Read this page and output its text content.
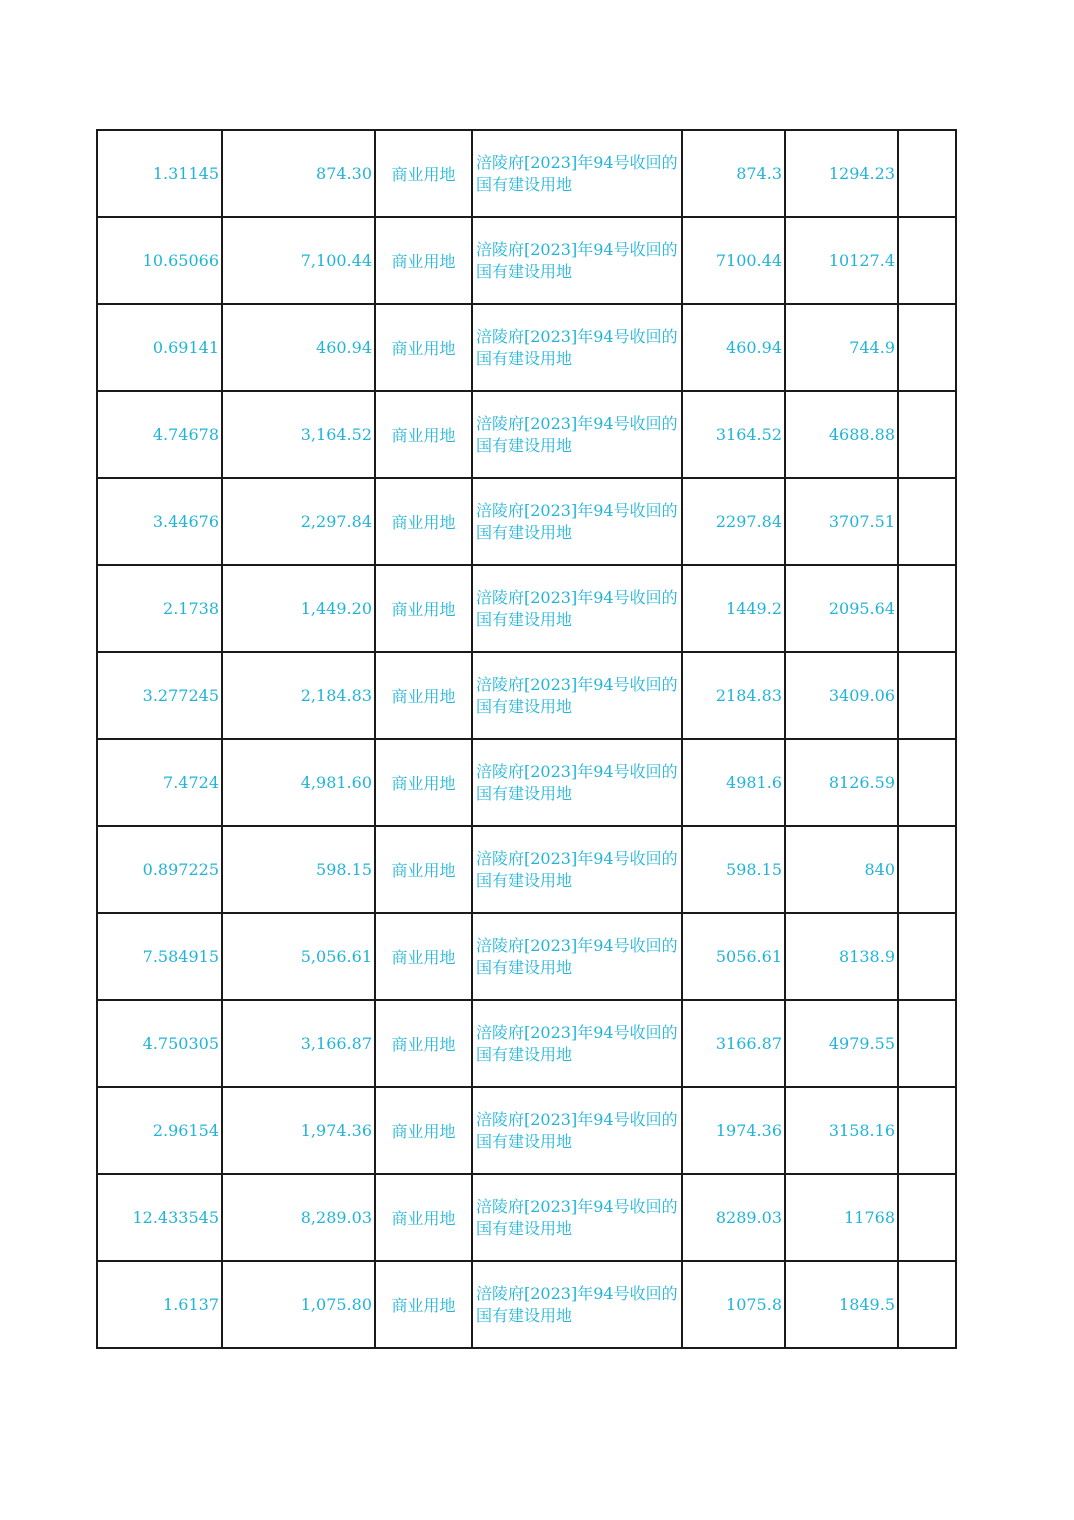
1.31145	874.30	商业用地	涪陵府[2023]年94号收回的国有建设用地	874.3	1294.23	
10.65066	7,100.44	商业用地	涪陵府[2023]年94号收回的国有建设用地	7100.44	10127.4	
0.69141	460.94	商业用地	涪陵府[2023]年94号收回的国有建设用地	460.94	744.9	
4.74678	3,164.52	商业用地	涪陵府[2023]年94号收回的国有建设用地	3164.52	4688.88	
3.44676	2,297.84	商业用地	涪陵府[2023]年94号收回的国有建设用地	2297.84	3707.51	
2.1738	1,449.20	商业用地	涪陵府[2023]年94号收回的国有建设用地	1449.2	2095.64	
3.277245	2,184.83	商业用地	涪陵府[2023]年94号收回的国有建设用地	2184.83	3409.06	
7.4724	4,981.60	商业用地	涪陵府[2023]年94号收回的国有建设用地	4981.6	8126.59	
0.897225	598.15	商业用地	涪陵府[2023]年94号收回的国有建设用地	598.15	840	
7.584915	5,056.61	商业用地	涪陵府[2023]年94号收回的国有建设用地	5056.61	8138.9	
4.750305	3,166.87	商业用地	涪陵府[2023]年94号收回的国有建设用地	3166.87	4979.55	
2.96154	1,974.36	商业用地	涪陵府[2023]年94号收回的国有建设用地	1974.36	3158.16	
12.433545	8,289.03	商业用地	涪陵府[2023]年94号收回的国有建设用地	8289.03	11768	
1.6137	1,075.80	商业用地	涪陵府[2023]年94号收回的国有建设用地	1075.8	1849.5	
